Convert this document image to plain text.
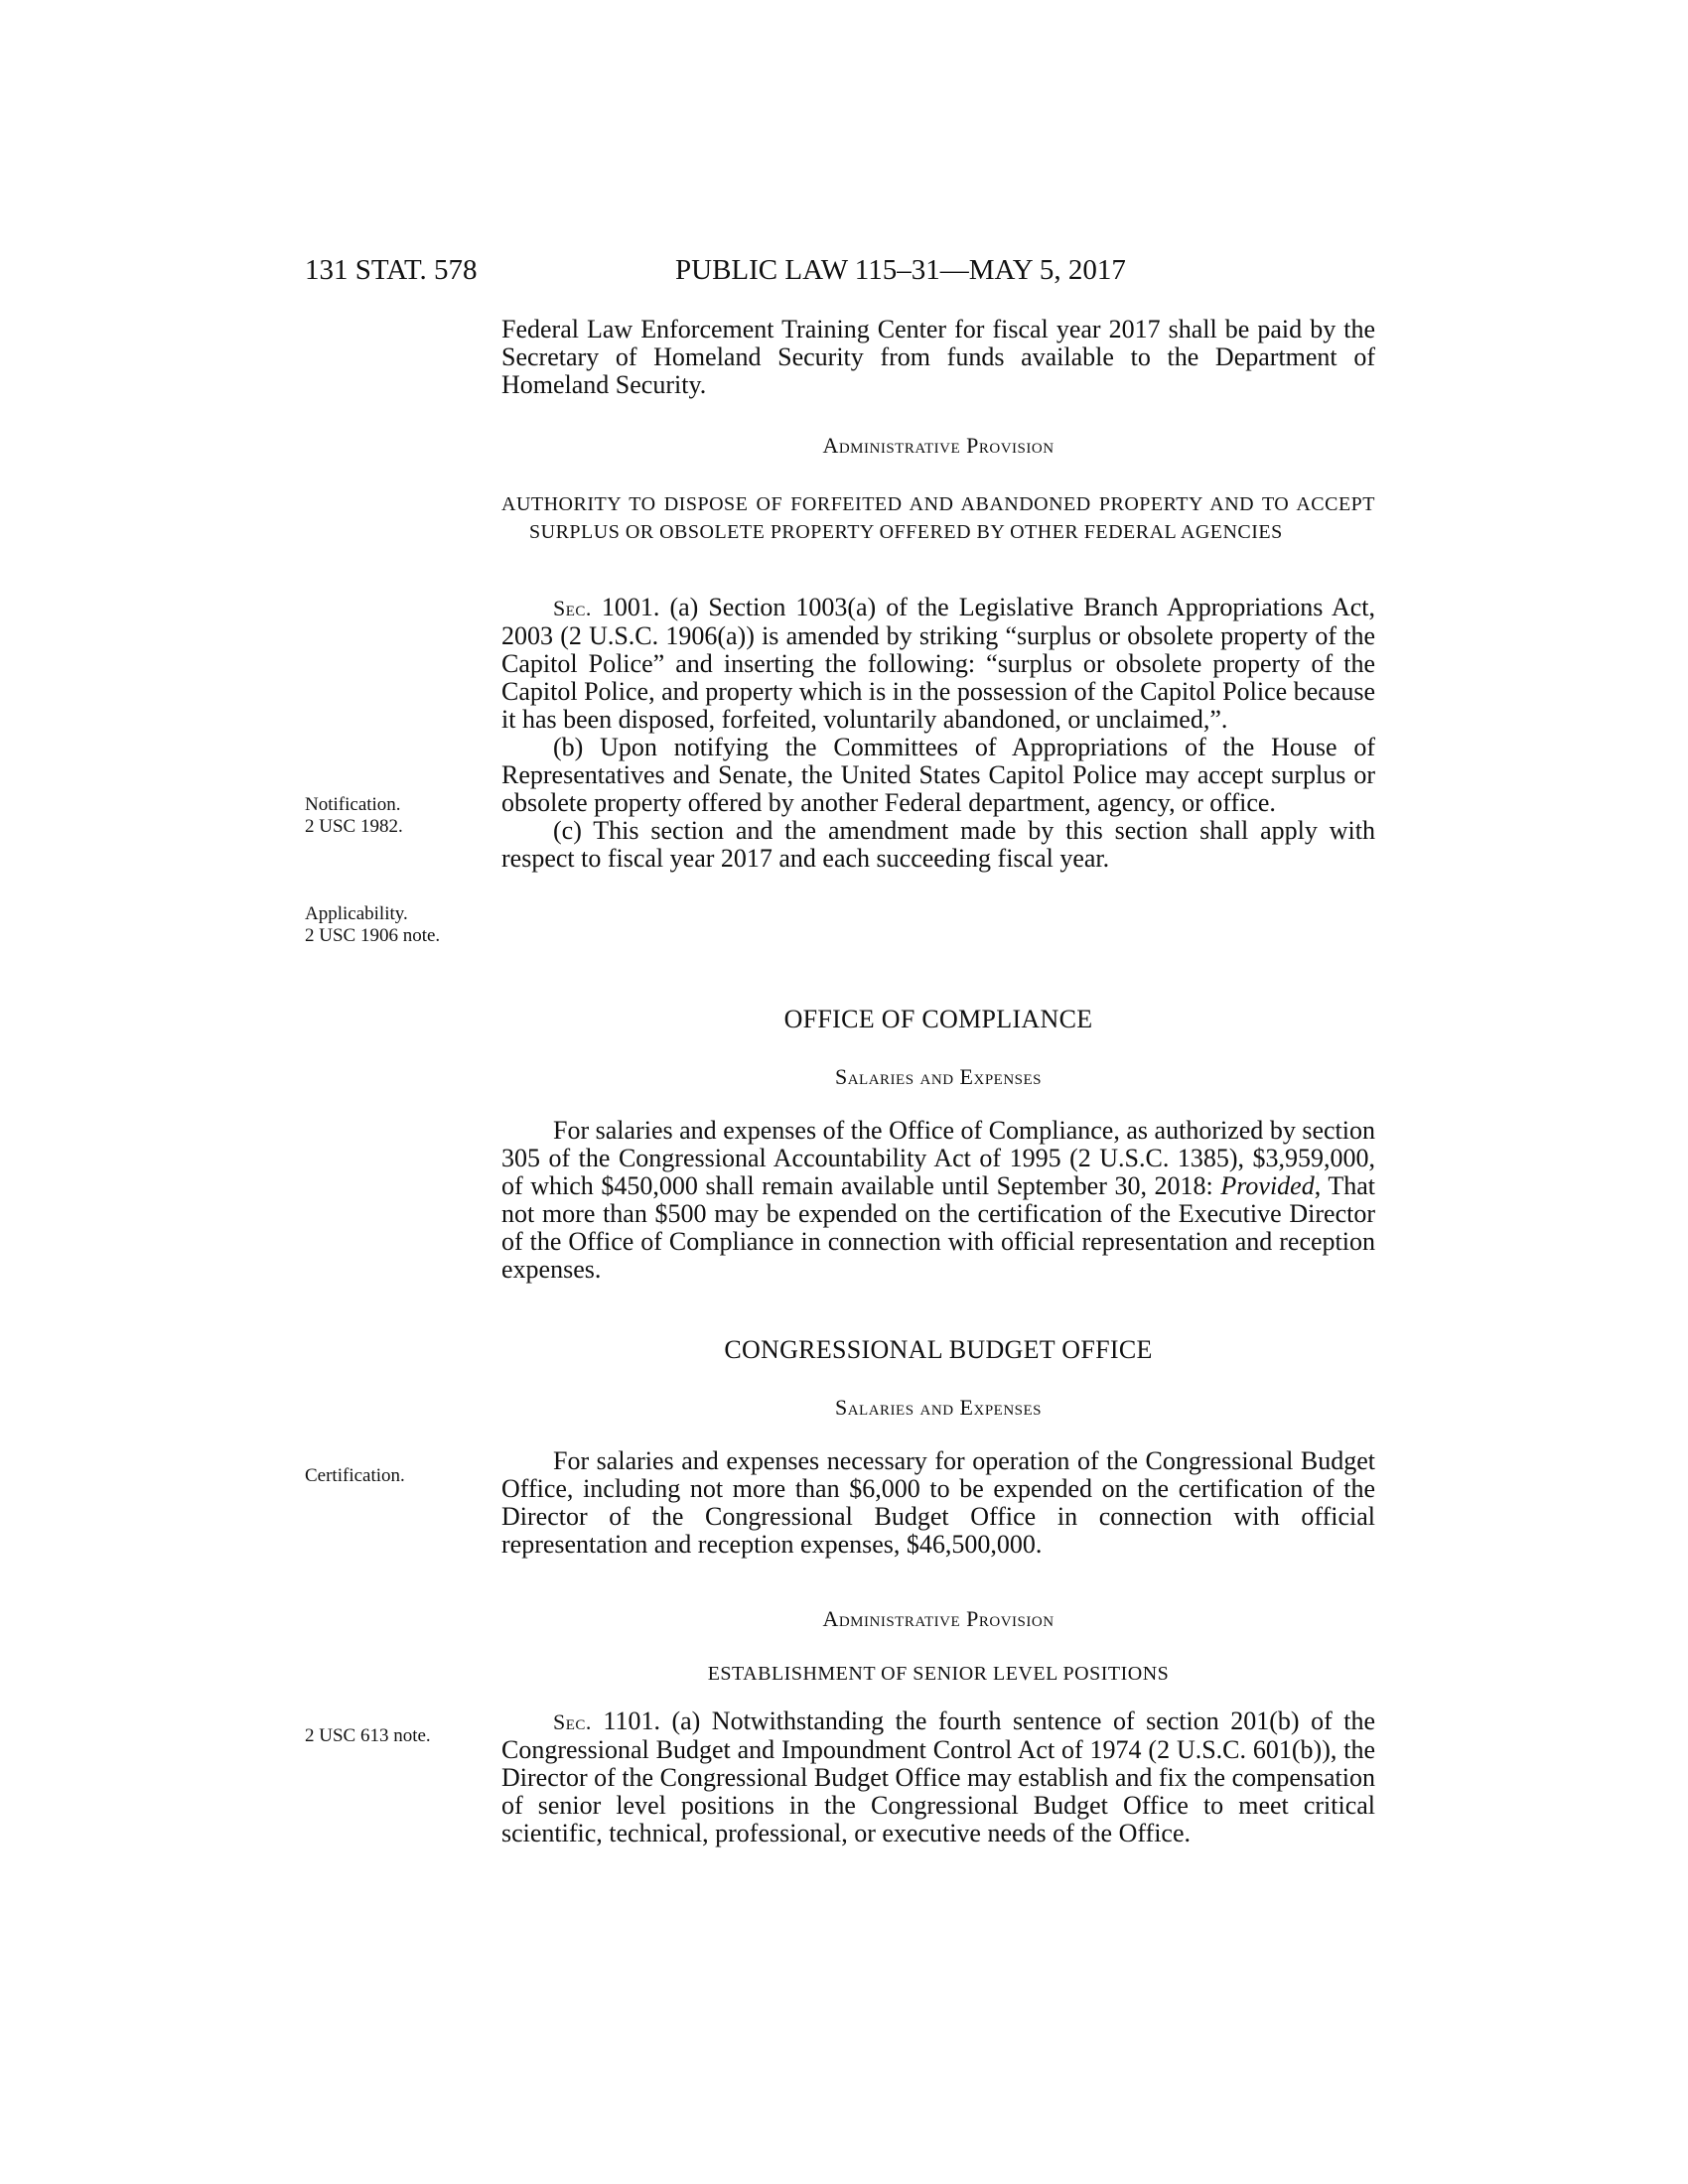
131 STAT. 578	PUBLIC LAW 115–31—MAY 5, 2017

Federal Law Enforcement Training Center for fiscal year 2017 shall be paid by the Secretary of Homeland Security from funds available to the Department of Homeland Security.

Administrative Provision

AUTHORITY TO DISPOSE OF FORFEITED AND ABANDONED PROPERTY AND TO ACCEPT SURPLUS OR OBSOLETE PROPERTY OFFERED BY OTHER FEDERAL AGENCIES

Sec. 1001. (a) Section 1003(a) of the Legislative Branch Appropriations Act, 2003 (2 U.S.C. 1906(a)) is amended by striking “surplus or obsolete property of the Capitol Police” and inserting the following: “surplus or obsolete property of the Capitol Police, and property which is in the possession of the Capitol Police because it has been disposed, forfeited, voluntarily abandoned, or unclaimed,”.

(b) Upon notifying the Committees of Appropriations of the House of Representatives and Senate, the United States Capitol Police may accept surplus or obsolete property offered by another Federal department, agency, or office.

(c) This section and the amendment made by this section shall apply with respect to fiscal year 2017 and each succeeding fiscal year.

Notification.
2 USC 1982.
Applicability.
2 USC 1906 note.
Certification.
2 USC 613 note.

OFFICE OF COMPLIANCE

Salaries and Expenses

For salaries and expenses of the Office of Compliance, as authorized by section 305 of the Congressional Accountability Act of 1995 (2 U.S.C. 1385), $3,959,000, of which $450,000 shall remain available until September 30, 2018: Provided, That not more than $500 may be expended on the certification of the Executive Director of the Office of Compliance in connection with official representation and reception expenses.

CONGRESSIONAL BUDGET OFFICE

Salaries and Expenses

For salaries and expenses necessary for operation of the Congressional Budget Office, including not more than $6,000 to be expended on the certification of the Director of the Congressional Budget Office in connection with official representation and reception expenses, $46,500,000.

Administrative Provision

ESTABLISHMENT OF SENIOR LEVEL POSITIONS

Sec. 1101. (a) Notwithstanding the fourth sentence of section 201(b) of the Congressional Budget and Impoundment Control Act of 1974 (2 U.S.C. 601(b)), the Director of the Congressional Budget Office may establish and fix the compensation of senior level positions in the Congressional Budget Office to meet critical scientific, technical, professional, or executive needs of the Office.
